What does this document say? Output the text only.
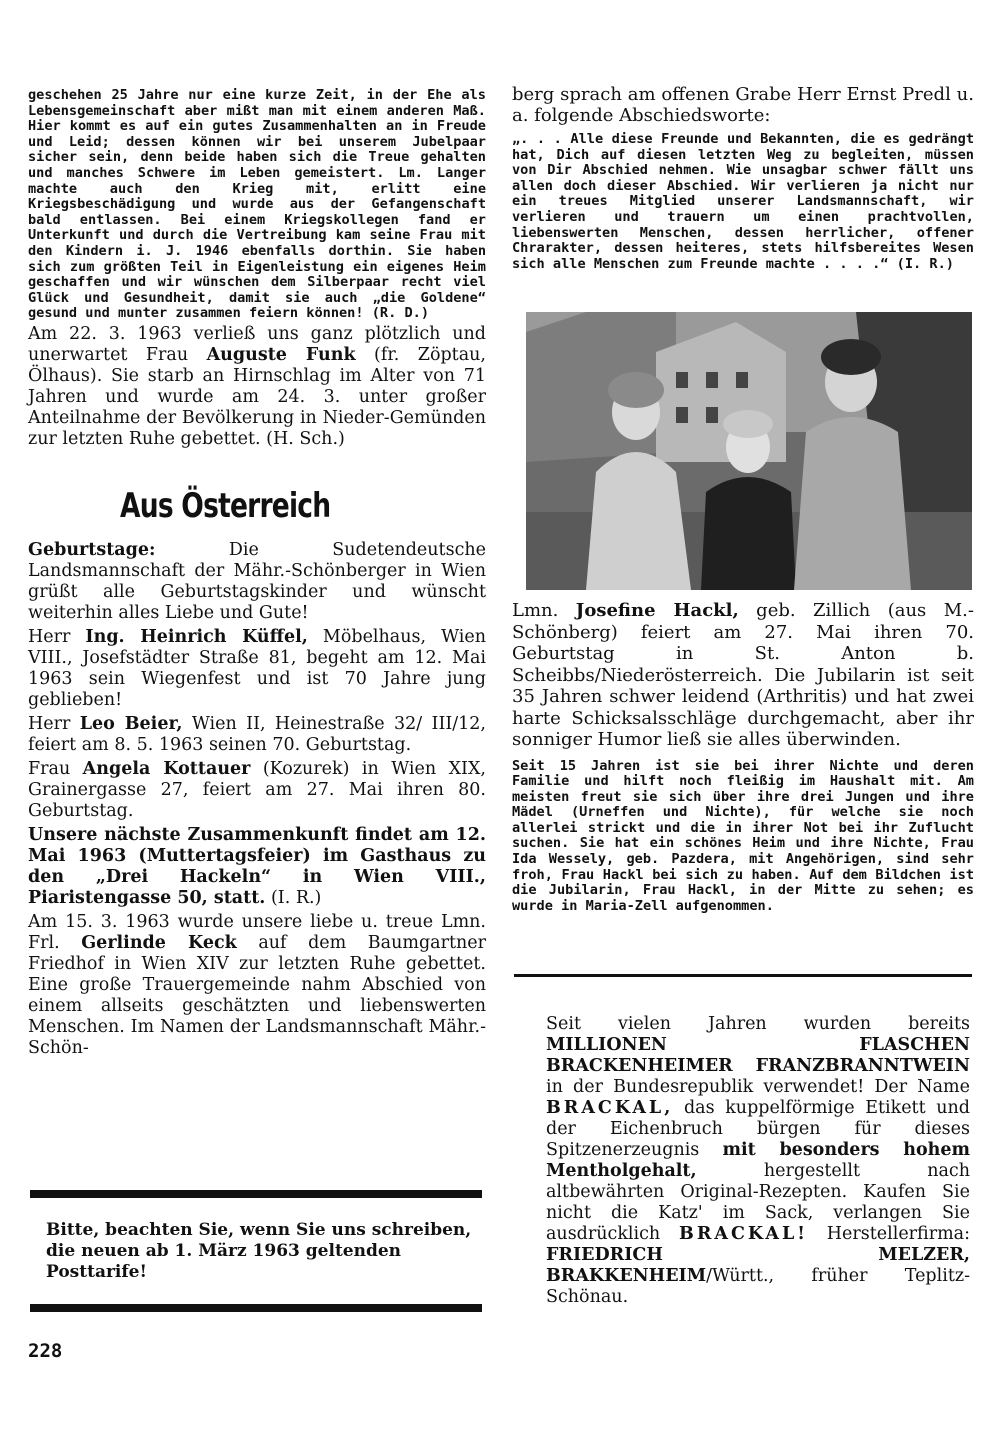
geschehen 25 Jahre nur eine kurze Zeit, in der Ehe als Lebensgemeinschaft aber mißt man mit einem anderen Maß. Hier kommt es auf ein gutes Zusammenhalten an in Freude und Leid; dessen können wir bei unserem Jubelpaar sicher sein, denn beide haben sich die Treue gehalten und manches Schwere im Leben gemeistert. Lm. Langer machte auch den Krieg mit, erlitt eine Kriegsbeschädigung und wurde aus der Gefangenschaft bald entlassen. Bei einem Kriegskollegen fand er Unterkunft und durch die Vertreibung kam seine Frau mit den Kindern i. J. 1946 ebenfalls dorthin. Sie haben sich zum größten Teil in Eigenleistung ein eigenes Heim geschaffen und wir wünschen dem Silberpaar recht viel Glück und Gesundheit, damit sie auch „die Goldene“ gesund und munter zusammen feiern können! (R. D.)

Am 22. 3. 1963 verließ uns ganz plötzlich und unerwartet Frau Auguste Funk (fr. Zöptau, Ölhaus). Sie starb an Hirnschlag im Alter von 71 Jahren und wurde am 24. 3. unter großer Anteilnahme der Bevölkerung in Nieder-Gemünden zur letzten Ruhe gebettet. (H. Sch.)

Aus Österreich

Geburtstage: Die Sudetendeutsche Landsmannschaft der Mähr.-Schönberger in Wien grüßt alle Geburtstagskinder und wünscht weiterhin alles Liebe und Gute!

Herr Ing. Heinrich Küffel, Möbelhaus, Wien VIII., Josefstädter Straße 81, begeht am 12. Mai 1963 sein Wiegenfest und ist 70 Jahre jung geblieben!

Herr Leo Beier, Wien II, Heinestraße 32/ III/12, feiert am 8. 5. 1963 seinen 70. Geburtstag.

Frau Angela Kottauer (Kozurek) in Wien XIX, Grainergasse 27, feiert am 27. Mai ihren 80. Geburtstag.

Unsere nächste Zusammenkunft findet am 12. Mai 1963 (Muttertagsfeier) im Gasthaus zu den „Drei Hackeln“ in Wien VIII., Piaristengasse 50, statt. (I. R.)

Am 15. 3. 1963 wurde unsere liebe u. treue Lmn. Frl. Gerlinde Keck auf dem Baumgartner Friedhof in Wien XIV zur letzten Ruhe gebettet. Eine große Trauergemeinde nahm Abschied von einem allseits geschätzten und liebenswerten Menschen. Im Namen der Landsmannschaft Mähr.-Schön-

Bitte, beachten Sie, wenn Sie uns schreiben, die neuen ab 1. März 1963 geltenden Posttarife!

berg sprach am offenen Grabe Herr Ernst Predl u. a. folgende Abschiedsworte:

„. . . Alle diese Freunde und Bekannten, die es gedrängt hat, Dich auf diesen letzten Weg zu begleiten, müssen von Dir Abschied nehmen. Wie unsagbar schwer fällt uns allen doch dieser Abschied. Wir verlieren ja nicht nur ein treues Mitglied unserer Landsmannschaft, wir verlieren und trauern um einen prachtvollen, liebenswerten Menschen, dessen herrlicher, offener Chrarakter, dessen heiteres, stets hilfsbereites Wesen sich alle Menschen zum Freunde machte . . . .“ (I. R.)

Lmn. Josefine Hackl, geb. Zillich (aus M.-Schönberg) feiert am 27. Mai ihren 70. Geburtstag in St. Anton b. Scheibbs/Niederösterreich. Die Jubilarin ist seit 35 Jahren schwer leidend (Arthritis) und hat zwei harte Schicksalsschläge durchgemacht, aber ihr sonniger Humor ließ sie alles überwinden.

Seit 15 Jahren ist sie bei ihrer Nichte und deren Familie und hilft noch fleißig im Haushalt mit. Am meisten freut sie sich über ihre drei Jungen und ihre Mädel (Urneffen und Nichte), für welche sie noch allerlei strickt und die in ihrer Not bei ihr Zuflucht suchen. Sie hat ein schönes Heim und ihre Nichte, Frau Ida Wessely, geb. Pazdera, mit Angehörigen, sind sehr froh, Frau Hackl bei sich zu haben. Auf dem Bildchen ist die Jubilarin, Frau Hackl, in der Mitte zu sehen; es wurde in Maria-Zell aufgenommen.

Seit vielen Jahren wurden bereits MILLIONEN FLASCHEN BRACKENHEIMER FRANZBRANNTWEIN in der Bundesrepublik verwendet! Der Name BRACKAL, das kuppelförmige Etikett und der Eichenbruch bürgen für dieses Spitzenerzeugnis mit besonders hohem Mentholgehalt, hergestellt nach altbewährten Original-Rezepten. Kaufen Sie nicht die Katz' im Sack, verlangen Sie ausdrücklich BRACKAL! Herstellerfirma: FRIEDRICH MELZER, BRAKKENHEIM/Württ., früher Teplitz-Schönau.
228
